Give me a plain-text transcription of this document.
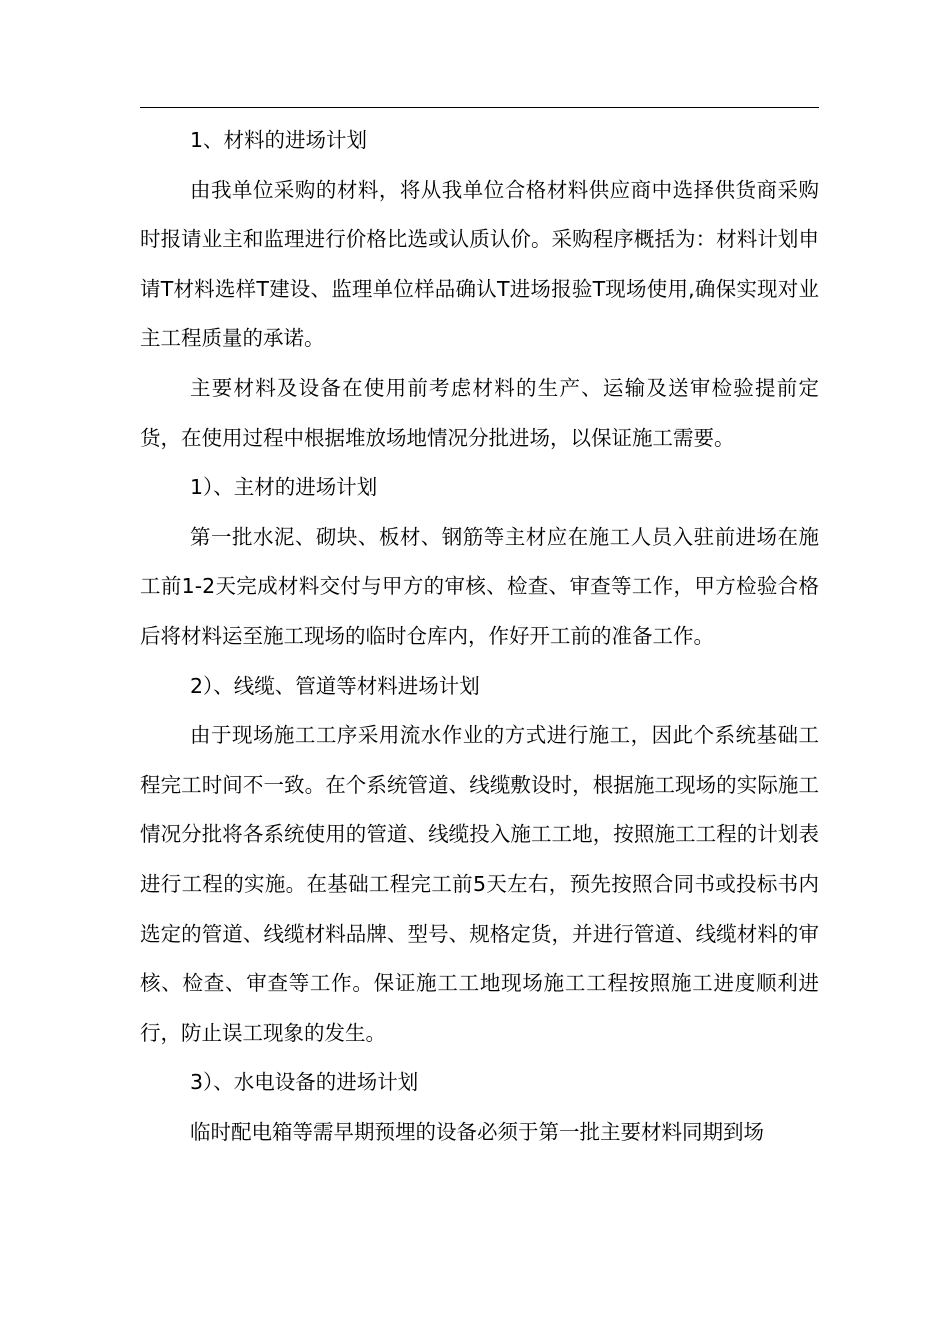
1、材料的进场计划

由我单位采购的材料，将从我单位合格材料供应商中选择供货商采购时报请业主和监理进行价格比选或认质认价。采购程序概括为：材料计划申请T材料选样T建设、监理单位样品确认T进场报验T现场使用,确保实现对业主工程质量的承诺。

主要材料及设备在使用前考虑材料的生产、运输及送审检验提前定货，在使用过程中根据堆放场地情况分批进场，以保证施工需要。

1）、主材的进场计划

第一批水泥、砌块、板材、钢筋等主材应在施工人员入驻前进场在施工前1-2天完成材料交付与甲方的审核、检查、审查等工作，甲方检验合格后将材料运至施工现场的临时仓库内，作好开工前的准备工作。

2）、线缆、管道等材料进场计划

由于现场施工工序采用流水作业的方式进行施工，因此个系统基础工程完工时间不一致。在个系统管道、线缆敷设时，根据施工现场的实际施工情况分批将各系统使用的管道、线缆投入施工工地，按照施工工程的计划表进行工程的实施。在基础工程完工前5天左右，预先按照合同书或投标书内选定的管道、线缆材料品牌、型号、规格定货，并进行管道、线缆材料的审核、检查、审查等工作。保证施工工地现场施工工程按照施工进度顺利进行，防止误工现象的发生。

3）、水电设备的进场计划

临时配电箱等需早期预埋的设备必须于第一批主要材料同期到场
